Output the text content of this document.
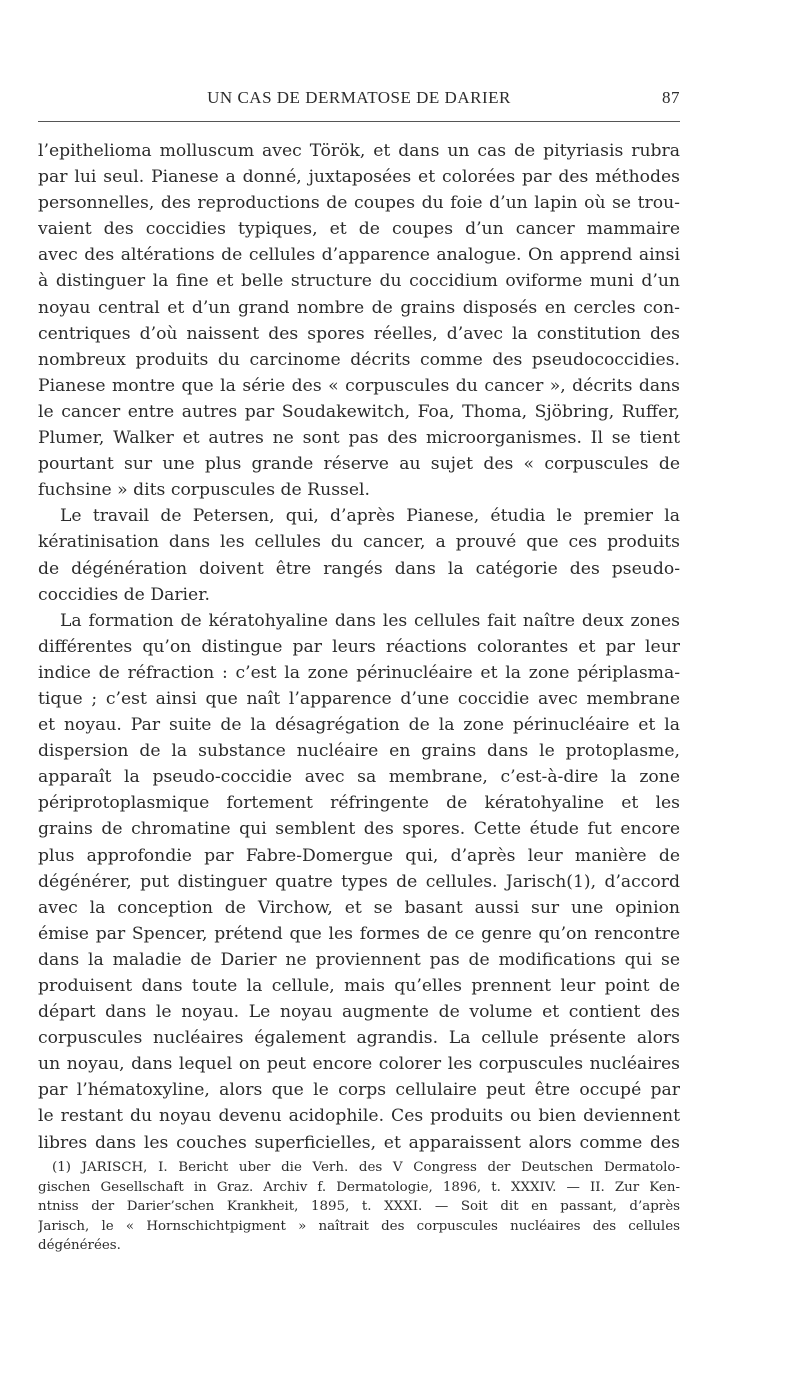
UN CAS DE DERMATOSE DE DARIER	87
l’epithelioma molluscum avec Török, et dans un cas de pityriasis rubra
par lui seul. Pianese a donné, juxtaposées et colorées par des méthodes
personnelles, des reproductions de coupes du foie d’un lapin où se trou-
vaient des coccidies typiques, et de coupes d’un cancer mammaire
avec des altérations de cellules d’apparence analogue. On apprend ainsi
à distinguer la fine et belle structure du coccidium oviforme muni d’un
noyau central et d’un grand nombre de grains disposés en cercles con-
centriques d’où naissent des spores réelles, d’avec la constitution des
nombreux produits du carcinome décrits comme des pseudococcidies.
Pianese montre que la série des « corpuscules du cancer », décrits dans
le cancer entre autres par Soudakewitch, Foa, Thoma, Sjöbring, Ruffer,
Plumer, Walker et autres ne sont pas des microorganismes. Il se tient
pourtant sur une plus grande réserve au sujet des « corpuscules de
fuchsine » dits corpuscules de Russel.
Le travail de Petersen, qui, d’après Pianese, étudia le premier la
kératinisation dans les cellules du cancer, a prouvé que ces produits
de dégénération doivent être rangés dans la catégorie des pseudo-
coccidies de Darier.
La formation de kératohyaline dans les cellules fait naître deux zones
différentes qu’on distingue par leurs réactions colorantes et par leur
indice de réfraction : c’est la zone périnucléaire et la zone périplasma-
tique ; c’est ainsi que naît l’apparence d’une coccidie avec membrane
et noyau. Par suite de la désagrégation de la zone périnucléaire et la
dispersion de la substance nucléaire en grains dans le protoplasme,
apparaît la pseudo-coccidie avec sa membrane, c’est-à-dire la zone
périprotoplasmique fortement réfringente de kératohyaline et les
grains de chromatine qui semblent des spores. Cette étude fut encore
plus approfondie par Fabre-Domergue qui, d’après leur manière de
dégénérer, put distinguer quatre types de cellules. Jarisch(1), d’accord
avec la conception de Virchow, et se basant aussi sur une opinion
émise par Spencer, prétend que les formes de ce genre qu’on rencontre
dans la maladie de Darier ne proviennent pas de modifications qui se
produisent dans toute la cellule, mais qu’elles prennent leur point de
départ dans le noyau. Le noyau augmente de volume et contient des
corpuscules nucléaires également agrandis. La cellule présente alors
un noyau, dans lequel on peut encore colorer les corpuscules nucléaires
par l’hématoxyline, alors que le corps cellulaire peut être occupé par
le restant du noyau devenu acidophile. Ces produits ou bien deviennent
libres dans les couches superficielles, et apparaissent alors comme des
(1) JARISCH, I. Bericht uber die Verh. des V Congress der Deutschen Dermatolo-
gischen Gesellschaft in Graz. Archiv f. Dermatologie, 1896, t. XXXIV. — II. Zur Ken-
ntniss der Darier’schen Krankheit, 1895, t. XXXI. — Soit dit en passant, d’après
Jarisch, le « Hornschichtpigment » naîtrait des corpuscules nucléaires des cellules
dégénérées.
